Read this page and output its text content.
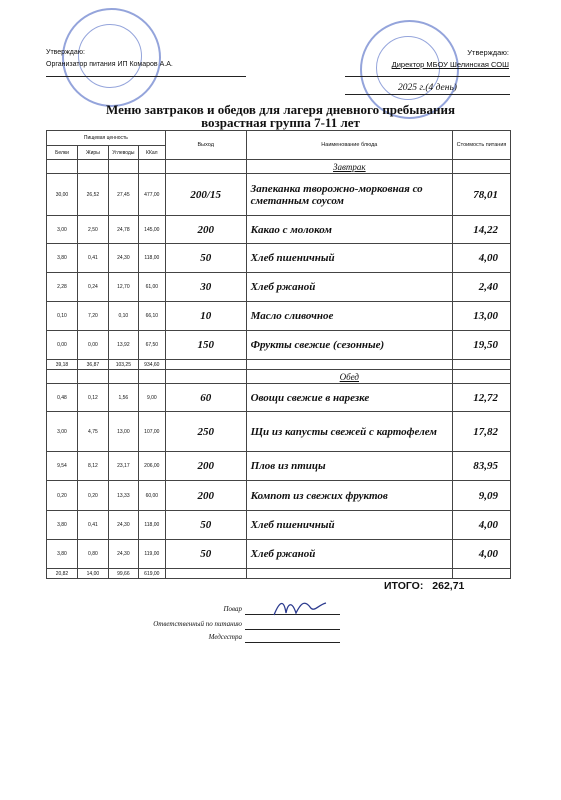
Утверждаю:
Организатор питания ИП Комаров А.А.
Утверждаю:
Директор МБОУ Шелинская СОШ
2025 г.(4 день)
Меню завтраков и обедов для лагеря дневного пребывания
возрастная группа 7-11 лет
Пищевая ценность				Выход	Наименование блюда	Стоимость питания
Белки	Жиры	Углеводы	ККал			
					Завтрак	
30,00	26,52	27,45	477,00	200/15	Запеканка творожно-морковная со сметанным соусом	78,01
3,00	2,50	24,78	145,00	200	Какао с молоком	14,22
3,80	0,41	24,30	118,00	50	Хлеб пшеничный	4,00
2,28	0,24	12,70	61,00	30	Хлеб ржаной	2,40
0,10	7,20	0,10	66,10	10	Масло сливочное	13,00
0,00	0,00	13,92	67,50	150	Фрукты свежие (сезонные)	19,50
39,18	36,87	103,25	934,60			
					Обед	
0,48	0,12	1,56	9,00	60	Овощи свежие в нарезке	12,72
3,00	4,75	13,00	107,00	250	Щи из капусты свежей с картофелем	17,82
9,54	8,12	23,17	206,00	200	Плов из птицы	83,95
0,20	0,20	13,33	60,00	200	Компот из свежих фруктов	9,09
3,80	0,41	24,30	118,00	50	Хлеб пшеничный	4,00
3,80	0,80	24,30	119,00	50	Хлеб ржаной	4,00
20,82	14,00	99,66	619,00			
ИТОГО: 262,71
Повар
Ответственный по питанию
Медсестра
